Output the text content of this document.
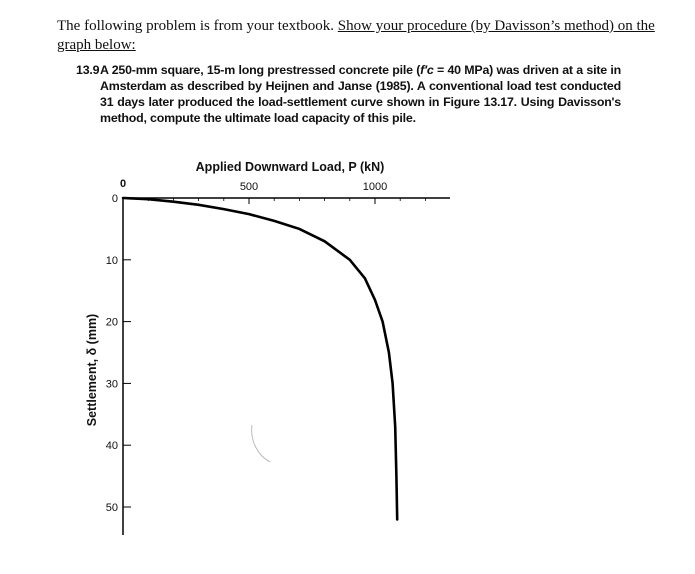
The following problem is from your textbook. Show your procedure (by Davisson’s method) on the graph below:
13.9 A 250-mm square, 15-m long prestressed concrete pile (f′c = 40 MPa) was driven at a site in Amsterdam as described by Heijnen and Janse (1985). A conventional load test conducted 31 days later produced the load-settlement curve shown in Figure 13.17. Using Davisson's method, compute the ultimate load capacity of this pile.
Applied Downward Load, P (kN)
Settlement, δ (mm)
0	500	1000
0
10
20
30
40
50
